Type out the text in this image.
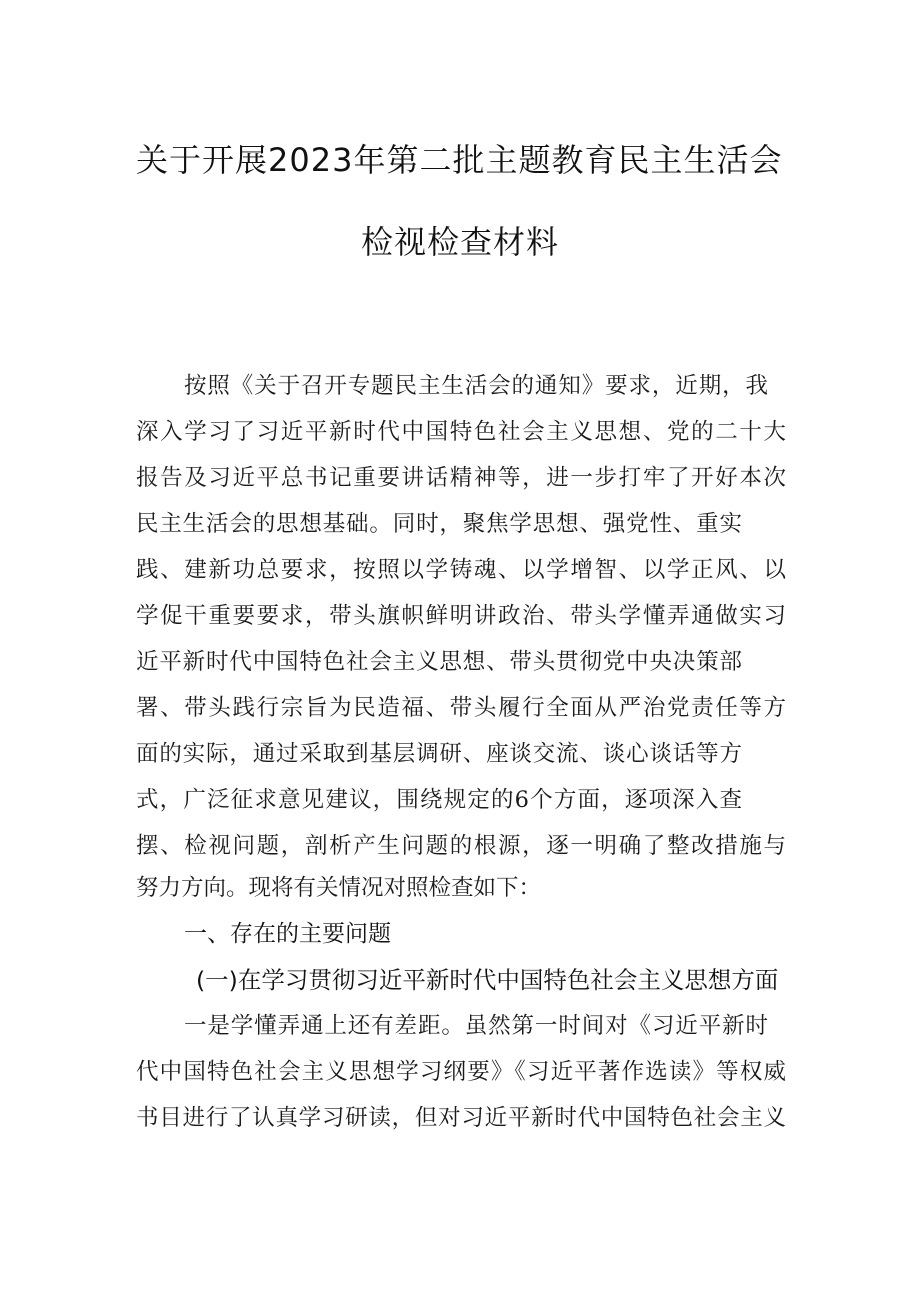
关于开展2023年第二批主题教育民主生活会
检视检查材料
按照《关于召开专题民主生活会的通知》要求，近期，我
深入学习了习近平新时代中国特色社会主义思想、党的二十大
报告及习近平总书记重要讲话精神等，进一步打牢了开好本次
民主生活会的思想基础。同时，聚焦学思想、强党性、重实
践、建新功总要求，按照以学铸魂、以学增智、以学正风、以
学促干重要要求，带头旗帜鲜明讲政治、带头学懂弄通做实习
近平新时代中国特色社会主义思想、带头贯彻党中央决策部
署、带头践行宗旨为民造福、带头履行全面从严治党责任等方
面的实际，通过采取到基层调研、座谈交流、谈心谈话等方
式，广泛征求意见建议，围绕规定的6个方面，逐项深入查
摆、检视问题，剖析产生问题的根源，逐一明确了整改措施与
努力方向。现将有关情况对照检查如下：
一、存在的主要问题
(一)在学习贯彻习近平新时代中国特色社会主义思想方面
一是学懂弄通上还有差距。虽然第一时间对《习近平新时
代中国特色社会主义思想学习纲要》《习近平著作选读》等权威
书目进行了认真学习研读，但对习近平新时代中国特色社会主义
